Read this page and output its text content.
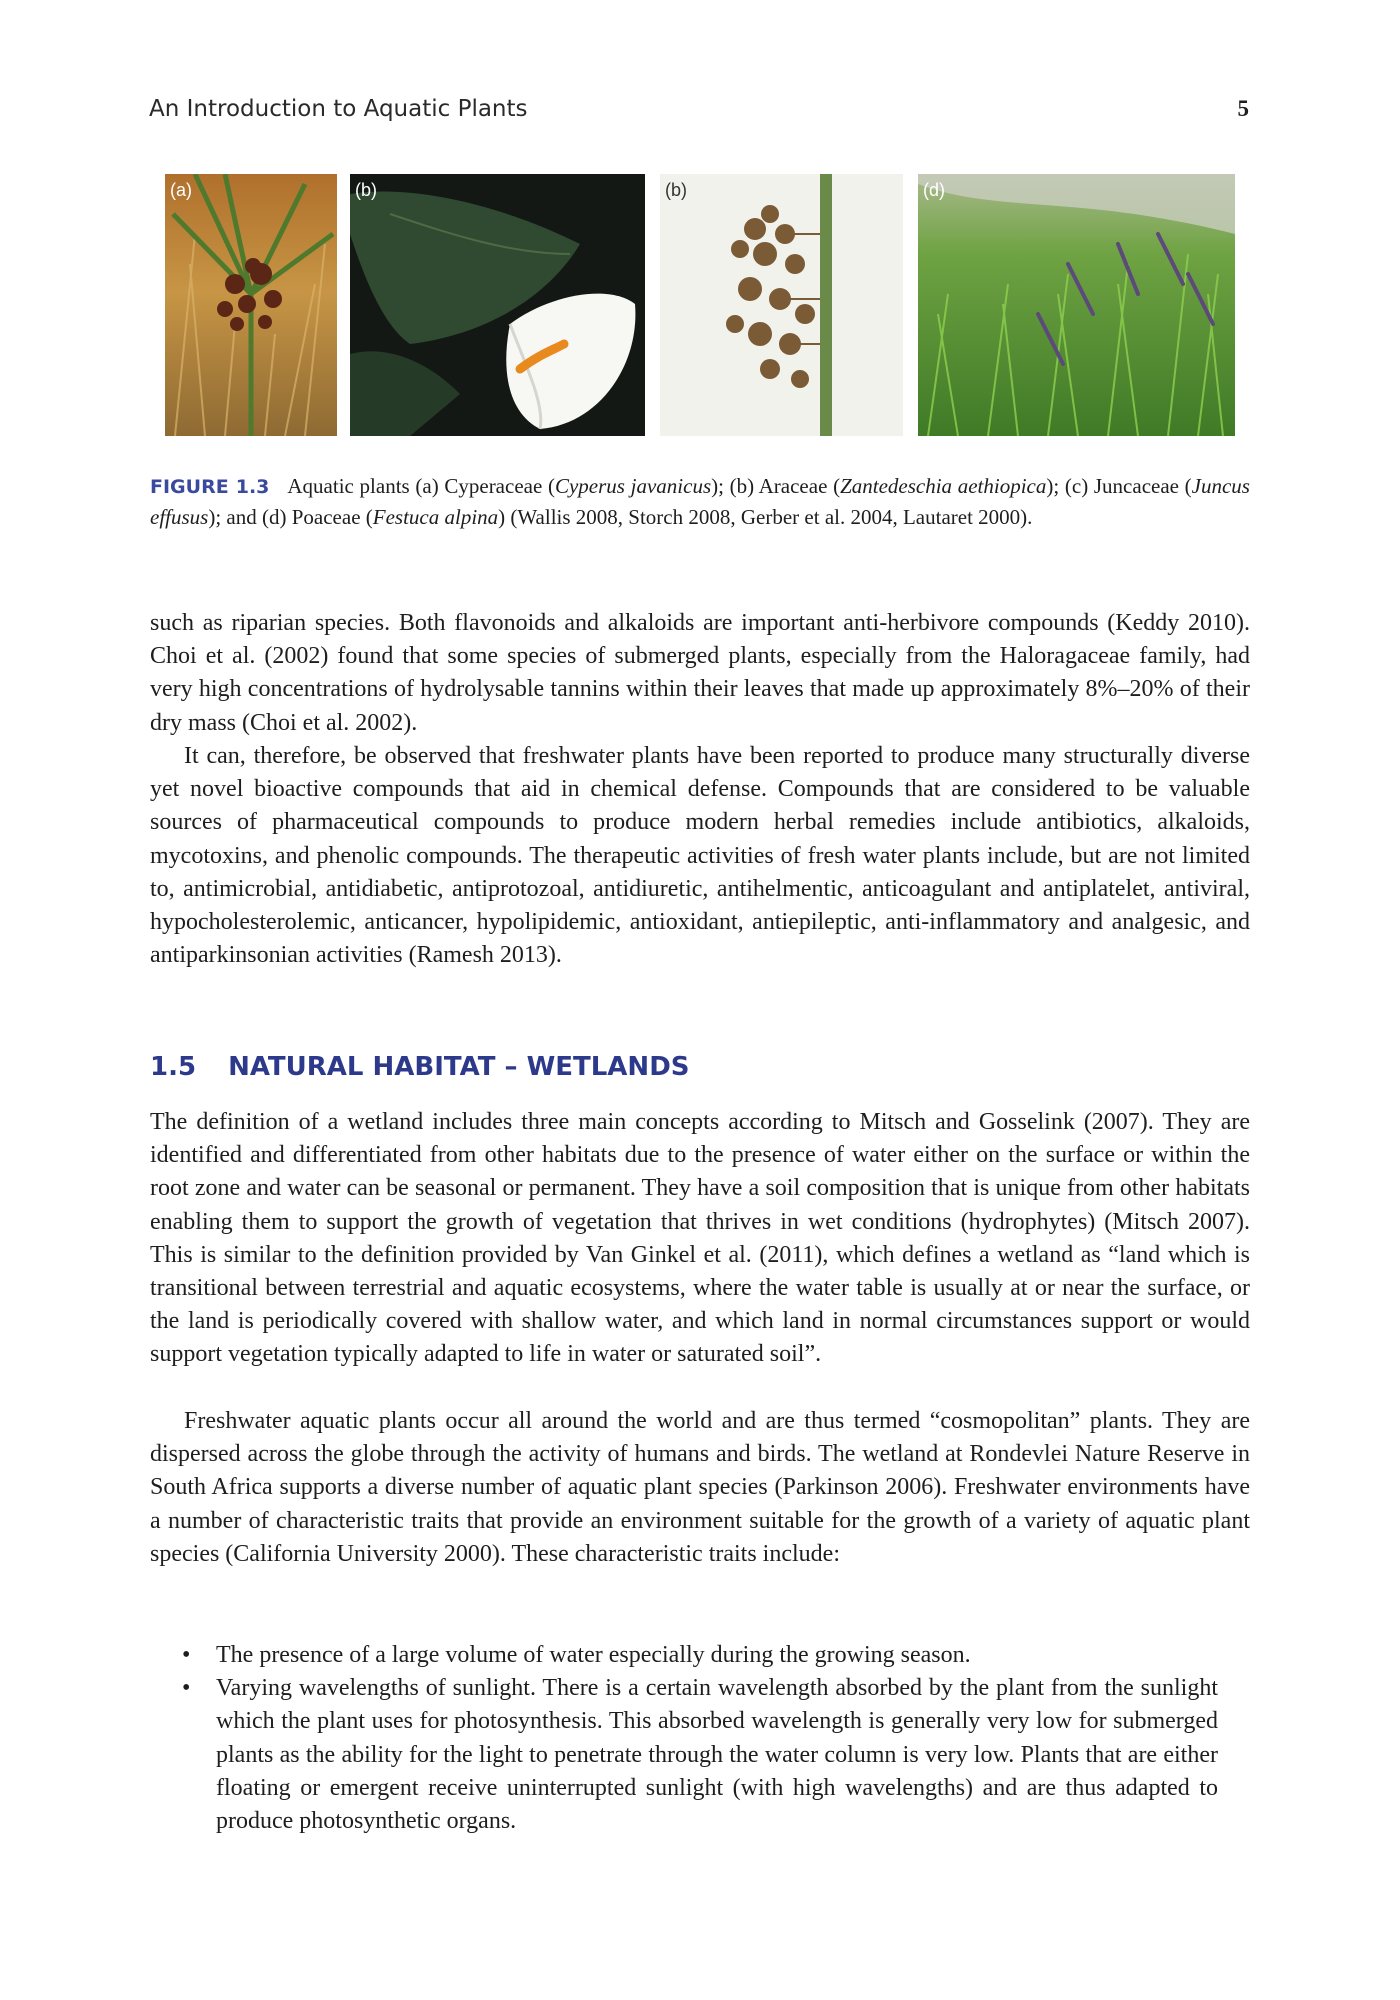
An Introduction to Aquatic Plants	5
(a)	(b)	(b)	(d)

FIGURE 1.3 Aquatic plants (a) Cyperaceae (Cyperus javanicus); (b) Araceae (Zantedeschia aethiopica); (c) Juncaceae (Juncus effusus); and (d) Poaceae (Festuca alpina) (Wallis 2008, Storch 2008, Gerber et al. 2004, Lautaret 2000).

such as riparian species. Both flavonoids and alkaloids are important anti-herbivore compounds (Keddy 2010). Choi et al. (2002) found that some species of submerged plants, especially from the Haloragaceae family, had very high concentrations of hydrolysable tannins within their leaves that made up approximately 8%–20% of their dry mass (Choi et al. 2002).

It can, therefore, be observed that freshwater plants have been reported to produce many structurally diverse yet novel bioactive compounds that aid in chemical defense. Compounds that are considered to be valuable sources of pharmaceutical compounds to produce modern herbal remedies include antibiotics, alkaloids, mycotoxins, and phenolic compounds. The therapeutic activities of fresh water plants include, but are not limited to, antimicrobial, antidiabetic, antiprotozoal, antidiuretic, antihelmentic, anticoagulant and antiplatelet, antiviral, hypocholesterolemic, anticancer, hypolipidemic, antioxidant, antiepileptic, anti-inflammatory and analgesic, and antiparkinsonian activities (Ramesh 2013).

1.5 NATURAL HABITAT – WETLANDS

The definition of a wetland includes three main concepts according to Mitsch and Gosselink (2007). They are identified and differentiated from other habitats due to the presence of water either on the surface or within the root zone and water can be seasonal or permanent. They have a soil composition that is unique from other habitats enabling them to support the growth of vegetation that thrives in wet conditions (hydrophytes) (Mitsch 2007). This is similar to the definition provided by Van Ginkel et al. (2011), which defines a wetland as “land which is transitional between terrestrial and aquatic ecosystems, where the water table is usually at or near the surface, or the land is periodically covered with shallow water, and which land in normal circumstances support or would support vegetation typically adapted to life in water or saturated soil”.

Freshwater aquatic plants occur all around the world and are thus termed “cosmopolitan” plants. They are dispersed across the globe through the activity of humans and birds. The wetland at Rondevlei Nature Reserve in South Africa supports a diverse number of aquatic plant species (Parkinson 2006). Freshwater environments have a number of characteristic traits that provide an environment suitable for the growth of a variety of aquatic plant species (California University 2000). These characteristic traits include:

• The presence of a large volume of water especially during the growing season.
• Varying wavelengths of sunlight. There is a certain wavelength absorbed by the plant from the sunlight which the plant uses for photosynthesis. This absorbed wavelength is generally very low for submerged plants as the ability for the light to penetrate through the water column is very low. Plants that are either floating or emergent receive uninterrupted sunlight (with high wavelengths) and are thus adapted to produce photosynthetic organs.
